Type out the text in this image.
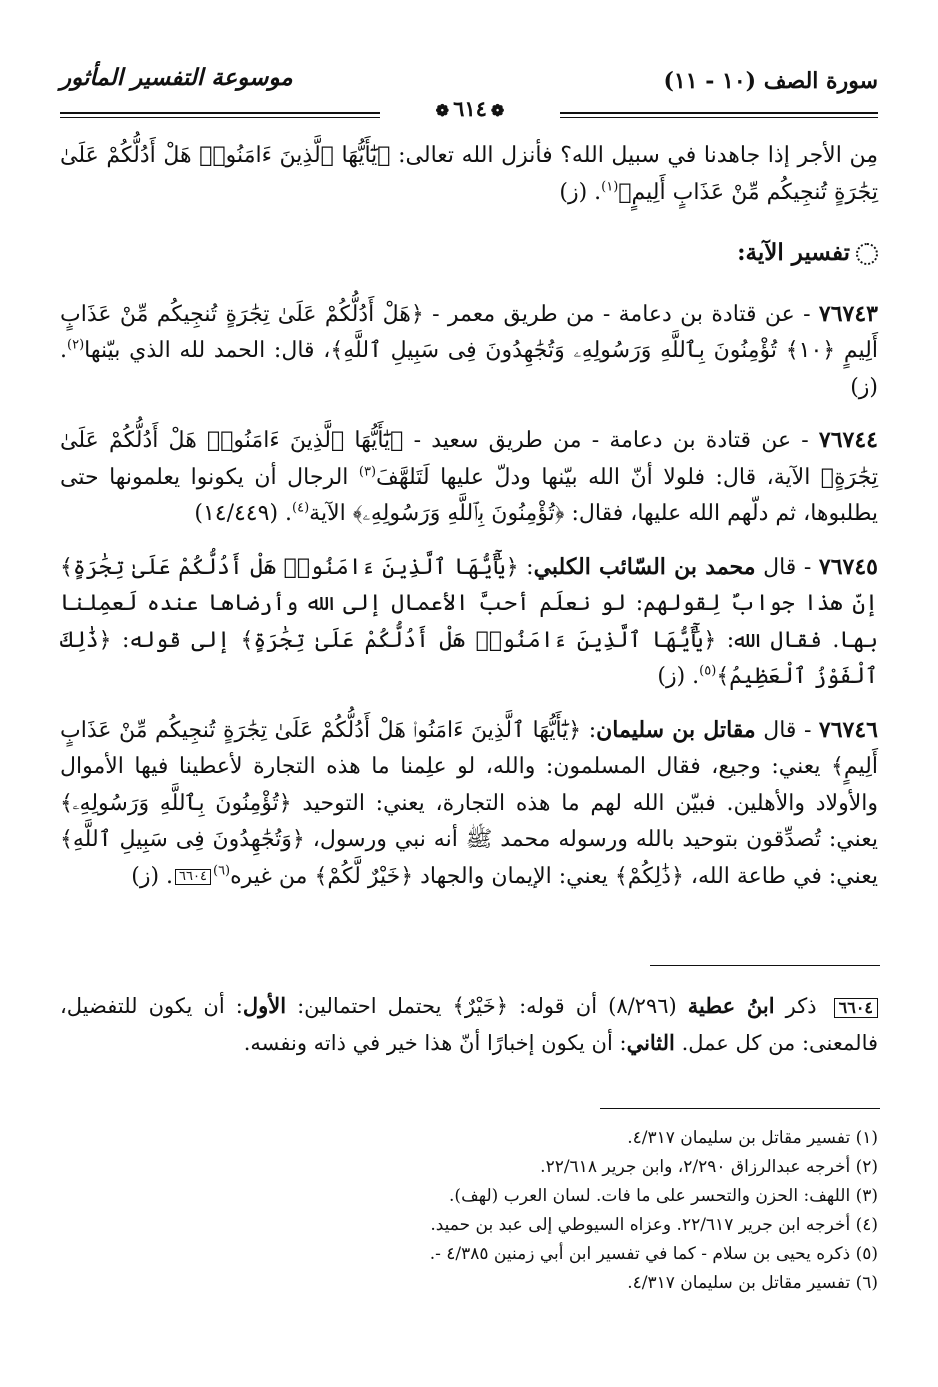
سورة الصف (١٠ - ١١)
موسوعة التفسير المأثور
❁٦١٤❁

مِن الأجر إذا جاهدنا في سبيل الله؟ فأنزل الله تعالى: ﴿يَٰٓأَيُّهَا ٱلَّذِينَ ءَامَنُوا۟ هَلْ أَدُلُّكُمْ عَلَىٰ تِجَٰرَةٍ تُنجِيكُم مِّنْ عَذَابٍ أَلِيمٍ﴾$^{(١)}$. (ز)

تفسير الآية:

٧٦٧٤٣ - عن قتادة بن دعامة - من طريق معمر - ﴿هَلْ أَدُلُّكُمْ عَلَىٰ تِجَٰرَةٍ تُنجِيكُم مِّنْ عَذَابٍ أَلِيمٍ ﴿١٠﴾ تُؤْمِنُونَ بِٱللَّهِ وَرَسُولِهِۦ وَتُجَٰهِدُونَ فِى سَبِيلِ ٱللَّهِ﴾، قال: الحمد لله الذي بيّنها$^{(٢)}$. (ز)

٧٦٧٤٤ - عن قتادة بن دعامة - من طريق سعيد - ﴿يَٰٓأَيُّهَا ٱلَّذِينَ ءَامَنُوا۟ هَلْ أَدُلُّكُمْ عَلَىٰ تِجَٰرَةٍ﴾ الآية، قال: فلولا أنّ الله بيّنها ودلّ عليها لَتَلهَّفَ$^{(٣)}$ الرجال أن يكونوا يعلمونها حتى يطلبوها، ثم دلّهم الله عليها، فقال: ﴿تُؤْمِنُونَ بِٱللَّهِ وَرَسُولِهِۦ﴾ الآية$^{(٤)}$. (١٤/٤٤٩)

٧٦٧٤٥ - قال محمد بن السّائب الكلبي: ﴿يَٰٓأَيُّهَا ٱلَّذِينَ ءَامَنُوا۟ هَلْ أَدُلُّكُمْ عَلَىٰ تِجَٰرَةٍ﴾ إنّ هذا جوابٌ لِقولهم: لو نعلَم أحبَّ الأعمال إلى الله وأرضاها عنده لَعمِلنا بها. فقال الله: ﴿يَٰٓأَيُّهَا ٱلَّذِينَ ءَامَنُوا۟ هَلْ أَدُلُّكُمْ عَلَىٰ تِجَٰرَةٍ﴾ إلى قوله: ﴿ذَٰلِكَ ٱلْفَوْزُ ٱلْعَظِيمُ﴾$^{(٥)}$. (ز)

٧٦٧٤٦ - قال مقاتل بن سليمان: ﴿يَٰٓأَيُّهَا ٱلَّذِينَ ءَامَنُوا۟ هَلْ أَدُلُّكُمْ عَلَىٰ تِجَٰرَةٍ تُنجِيكُم مِّنْ عَذَابٍ أَلِيمٍ﴾ يعني: وجيع، فقال المسلمون: والله، لو علِمنا ما هذه التجارة لأعطينا فيها الأموال والأولاد والأهلين. فبيّن الله لهم ما هذه التجارة، يعني: التوحيد ﴿تُؤْمِنُونَ بِٱللَّهِ وَرَسُولِهِۦ﴾ يعني: تُصدِّقون بتوحيد بالله ورسوله محمد ﷺ أنه نبي ورسول، ﴿وَتُجَٰهِدُونَ فِى سَبِيلِ ٱللَّهِ﴾ يعني: في طاعة الله، ﴿ذَٰلِكُمْ﴾ يعني: الإيمان والجهاد ﴿خَيْرٌ لَّكُمْ﴾ من غيره$^{(٦)}$٦٦٠٤. (ز)

٦٦٠٤ ذكر ابنُ عطية (٨/٢٩٦) أن قوله: ﴿خَيْرٌ﴾ يحتمل احتمالين: الأول: أن يكون للتفضيل، فالمعنى: من كل عمل. الثاني: أن يكون إخبارًا أنّ هذا خير في ذاته ونفسه.

(١) تفسير مقاتل بن سليمان ٤/٣١٧.

(٢) أخرجه عبدالرزاق ٢/٢٩٠، وابن جرير ٢٢/٦١٨.

(٣) اللهف: الحزن والتحسر على ما فات. لسان العرب (لهف).

(٤) أخرجه ابن جرير ٢٢/٦١٧. وعزاه السيوطي إلى عبد بن حميد.

(٥) ذكره يحيى بن سلام - كما في تفسير ابن أبي زمنين ٤/٣٨٥ -.

(٦) تفسير مقاتل بن سليمان ٤/٣١٧.
